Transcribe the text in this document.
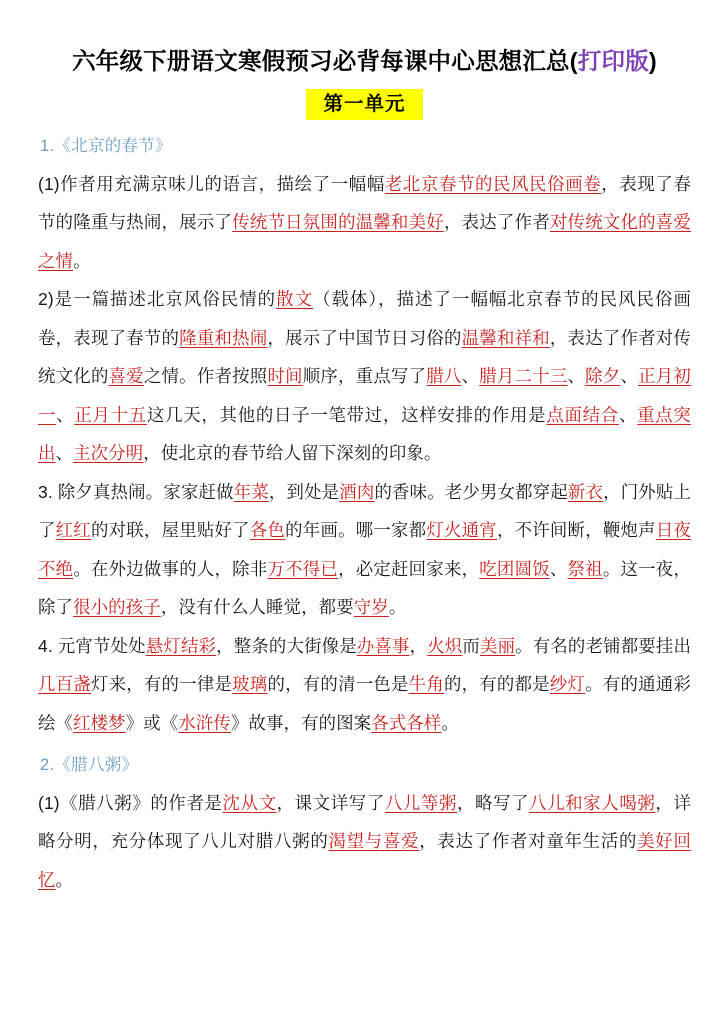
六年级下册语文寒假预习必背每课中心思想汇总(打印版)
第一单元
1.《北京的春节》

(1)作者用充满京味儿的语言，描绘了一幅幅老北京春节的民风民俗画卷，表现了春节的隆重与热闹，展示了传统节日氛围的温馨和美好，表达了作者对传统文化的喜爱之情。

2)是一篇描述北京风俗民情的散文（载体），描述了一幅幅北京春节的民风民俗画卷，表现了春节的隆重和热闹，展示了中国节日习俗的温馨和祥和，表达了作者对传统文化的喜爱之情。作者按照时间顺序，重点写了腊八、腊月二十三、除夕、正月初一、正月十五这几天，其他的日子一笔带过，这样安排的作用是点面结合、重点突出、主次分明，使北京的春节给人留下深刻的印象。

3. 除夕真热闹。家家赶做年菜，到处是酒肉的香味。老少男女都穿起新衣，门外贴上了红红的对联，屋里贴好了各色的年画。哪一家都灯火通宵，不许间断，鞭炮声日夜不绝。在外边做事的人，除非万不得已，必定赶回家来，吃团圆饭、祭祖。这一夜，除了很小的孩子，没有什么人睡觉，都要守岁。

4. 元宵节处处悬灯结彩，整条的大街像是办喜事，火炽而美丽。有名的老铺都要挂出几百盏灯来，有的一律是玻璃的，有的清一色是牛角的，有的都是纱灯。有的通通彩绘《红楼梦》或《水浒传》故事，有的图案各式各样。

2.《腊八粥》

(1)《腊八粥》的作者是沈从文，课文详写了八儿等粥，略写了八儿和家人喝粥，详略分明，充分体现了八儿对腊八粥的渴望与喜爱，表达了作者对童年生活的美好回忆。
